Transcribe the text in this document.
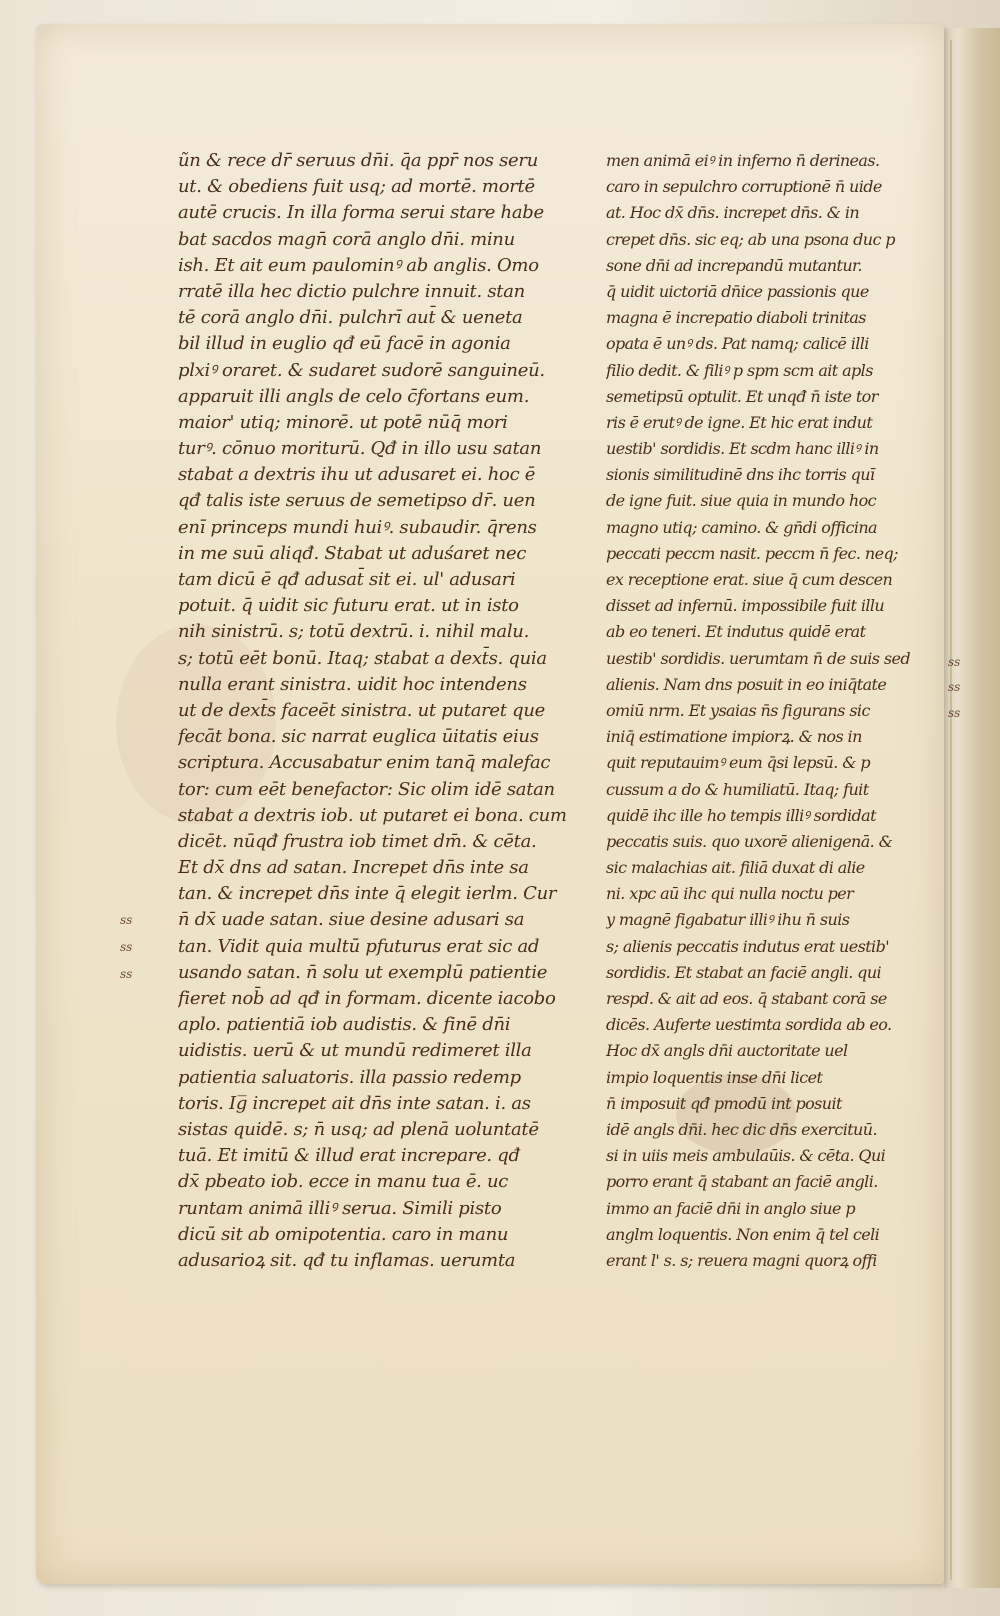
ũn & rece dr̄ seruus dn̄i. q̄a ppr̄ nos seru
ut. & obediens fuit usq; ad mortē. mortē
autē crucis. In illa forma serui stare habe
bat sacdos magn̄ corā anglo dn̄i. minu
ish. Et ait eum paulominꝰ ab anglis. Omo
rratē illa hec dictio pulchre innuit. stan
tē corā anglo dn̄i. pulchrī aut̄ & ueneta
bil illud in euglio qđ eū facē in agonia
plxiꝰ oraret. & sudaret sudorē sanguineū.
apparuit illi angls de celo c̄fortans eum.
maior' utiq; minorē. ut potē nūq̄ mori
turꝰ. cōnuo moriturū. Qđ in illo usu satan
stabat a dextris ihu ut adusaret ei. hoc ē
qđ talis iste seruus de semetipso dr̄. uen
enī princeps mundi huiꝰ. subaudir. q̄rens
in me suū aliqđ. Stabat ut aduśaret nec
tam dicū ē qđ adusat̄ sit ei. ul' adusari
potuit. q̄ uidit sic futuru erat. ut in isto
nih sinistrū. s; totū dextrū. i. nihil malu.
s; totū eēt bonū. Itaq; stabat a dext̄s. quia
nulla erant sinistra. uidit hoc intendens
ut de dext̄s faceēt sinistra. ut putaret que
fecāt bona. sic narrat euglica ūitatis eius
scriptura. Accusabatur enim tanq̄ malefac
tor: cum eēt benefactor: Sic olim idē satan
stabat a dextris iob. ut putaret ei bona. cum
dicēt. nūqđ frustra iob timet dm̄. & cēta.
Et dx̄ dns ad satan. Increpet dn̄s inte sa
tan. & increpet dn̄s inte q̄ elegit ierlm. Cur
n̄ dx̄ uade satan. siue desine adusari sa
tan. Vidit quia multū pfuturus erat sic ad
usando satan. n̄ solu ut exemplū patientie
fieret nob̄ ad qđ in formam. dicente iacobo
aplo. patientiā iob audistis. & finē dn̄i
uidistis. uerū & ut mundū redimeret illa
patientia saluatoris. illa passio redemp
toris. Ig̅ increpet ait dn̄s inte satan. i. as
sistas quidē. s; n̄ usq; ad plenā uoluntatē
tuā. Et imitū & illud erat increpare. qđ
dx̄ pbeato iob. ecce in manu tua ē. uc
runtam animā illiꝰ serua. Simili pisto
dicū sit ab omipotentia. caro in manu
adusarioꝝ sit. qđ tu inflamas. uerumta
men animā eiꝰ in inferno n̄ derineas.
caro in sepulchro corruptionē n̄ uide
at. Hoc dx̄ dn̄s. increpet dn̄s. & in
crepet dn̄s. sic eq; ab una psona duc p
sone dn̄i ad increpandū mutantur.
q̄ uidit uictoriā dn̄ice passionis que
magna ē increpatio diaboli trinitas
opata ē unꝰ ds. Pat namq; calicē illi
filio dedit. & filiꝰ p spm scm ait apls
semetipsū optulit. Et unqđ n̄ iste tor
ris ē erutꝰ de igne. Et hic erat indut
uestib' sordidis. Et scdm hanc illiꝰ in
sionis similitudinē dns ihc torris quī
de igne fuit. siue quia in mundo hoc
magno utiq; camino. & gn̄di officina
peccati peccm nasit. peccm n̄ fec. neq;
ex receptione erat. siue q̄ cum descen
disset ad infernū. impossibile fuit illu
ab eo teneri. Et indutus quidē erat
uestib' sordidis. uerumtam n̄ de suis sed
alienis. Nam dns posuit in eo iniq̄tate
omiū nrm. Et ysaias n̄s figurans sic
iniq̄ estimatione impiorꝝ. & nos in
quit reputauimꝰ eum q̄si lepsū. & p
cussum a do & humiliatū. Itaq; fuit
quidē ihc ille ho tempis illiꝰ sordidat
peccatis suis. quo uxorē alienigenā. &
sic malachias ait. filiā duxat di alie
ni. xpc aū ihc qui nulla noctu per
y magnē figabatur illiꝰ ihu n̄ suis
s; alienis peccatis indutus erat uestib'
sordidis. Et stabat an faciē angli. qui
respd. & ait ad eos. q̄ stabant corā se
dicēs. Auferte uestimta sordida ab eo.
Hoc dx̄ angls dn̄i auctoritate uel
impio loquentis inse dn̄i licet
n̄ imposuit qđ pmodū int posuit
idē angls dn̄i. hec dic dn̄s exercituū.
si in uiis meis ambulaūis. & cēta. Qui
porro erant q̄ stabant an faciē angli.
immo an faciē dn̄i in anglo siue p
anglm loquentis. Non enim q̄ tel celi
erant l' s. s; reuera magni quorꝝ offi
ss
ss
ss
ss
ss
ss
